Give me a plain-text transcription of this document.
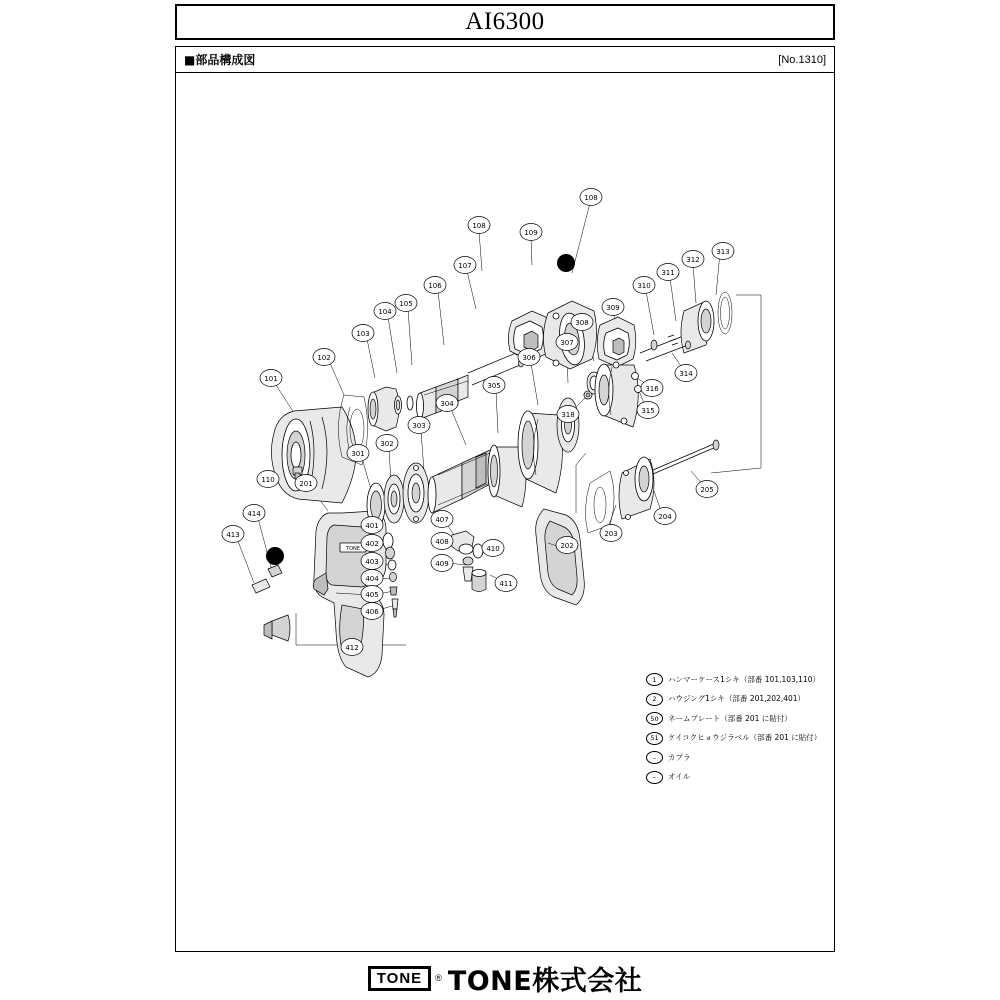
AI6300
■部品構成図	[No.1310]
TONE
A
A
101
102
103
104
105
106
107
108
109
108
110	201
202
203
204
205
301
302
303
304
305
306
307
308
309
310
311
312
313
314
315
316
318
401
402
403
404
405
406
407
408
409
410
411
412
413
414
1	ハンマーケース1シキ（部番 101,103,110）
2	ハウジング1シキ（部番 201,202,401）
50	ネームプレート（部番 201 に貼付）
51	ケイコクヒョウジラベル（部番 201 に貼付）
–	カプラ
–	オイル
TONE	® TONE株式会社
